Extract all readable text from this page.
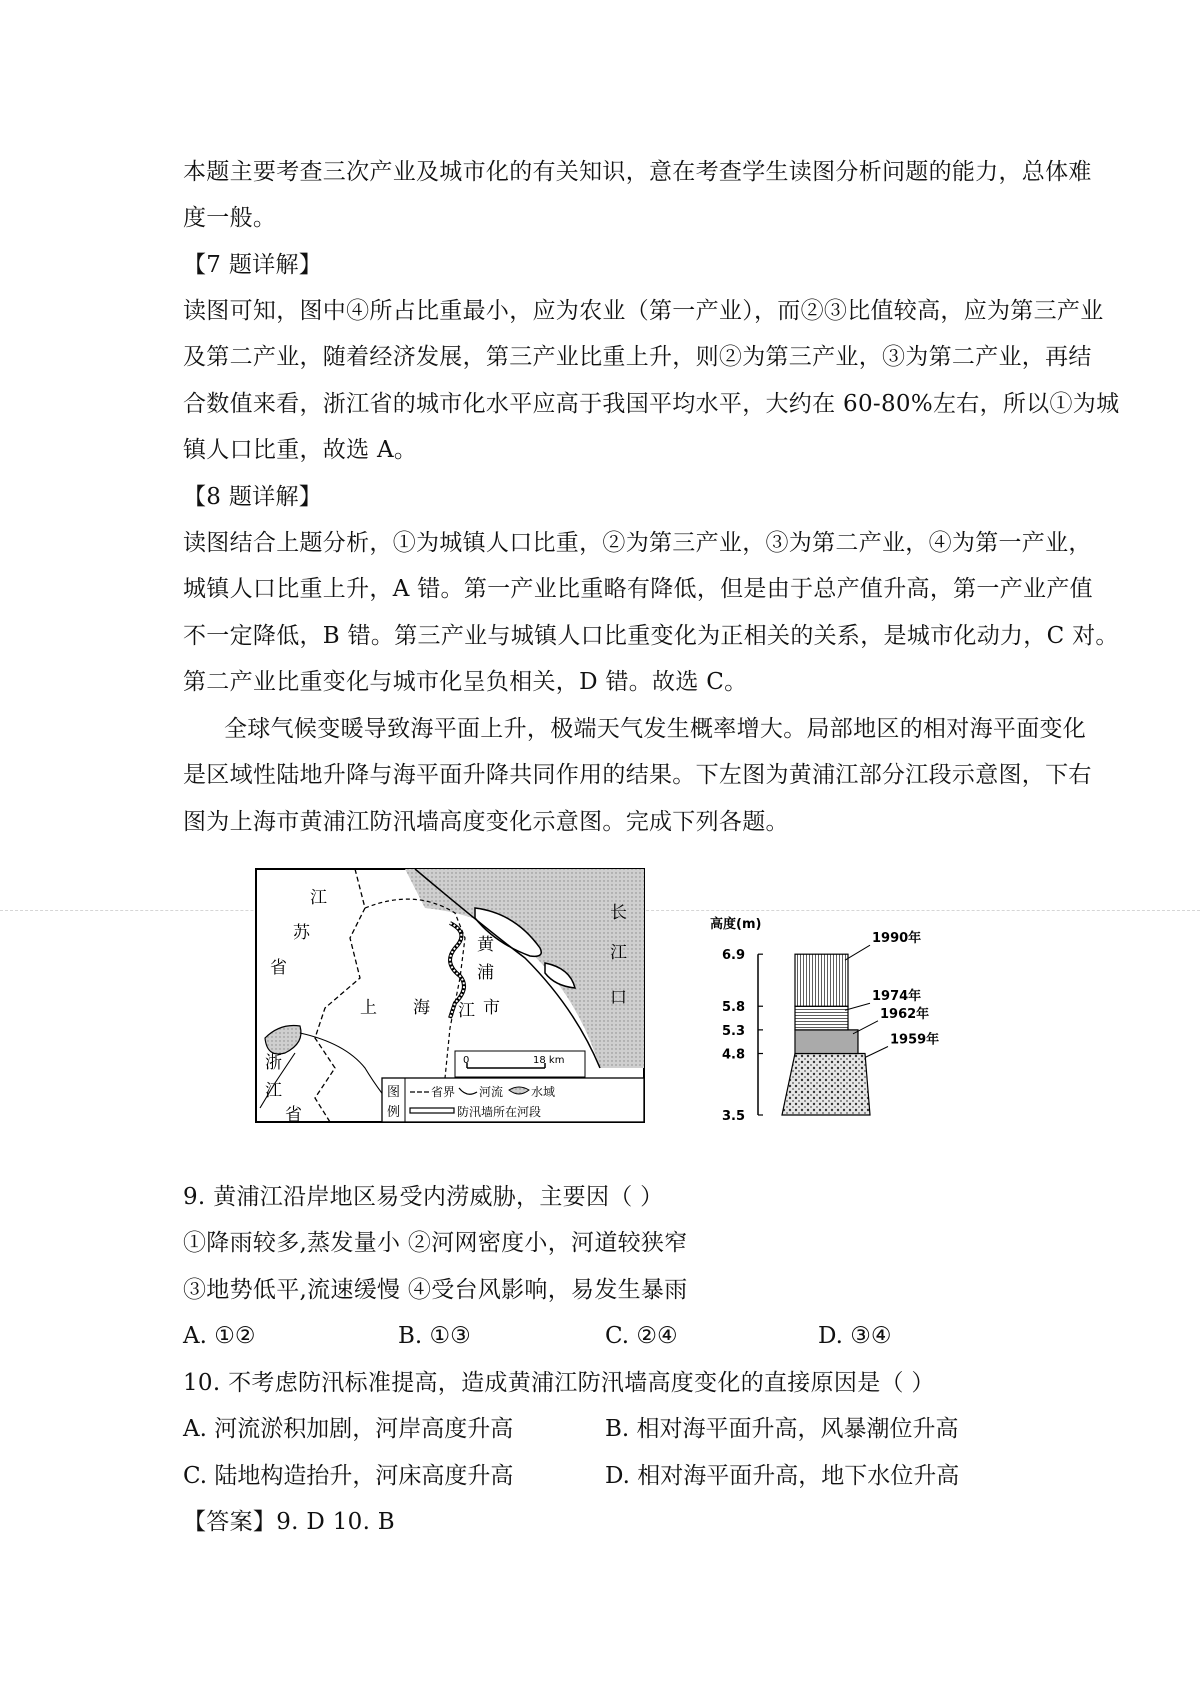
本题主要考查三次产业及城市化的有关知识，意在考查学生读图分析问题的能力，总体难
度一般。
【7 题详解】
读图可知，图中④所占比重最小，应为农业（第一产业），而②③比值较高，应为第三产业
及第二产业，随着经济发展，第三产业比重上升，则②为第三产业，③为第二产业，再结
合数值来看，浙江省的城市化水平应高于我国平均水平，大约在 60-80%左右，所以①为城
镇人口比重，故选 A。
【8 题详解】
读图结合上题分析，①为城镇人口比重，②为第三产业，③为第二产业，④为第一产业，
城镇人口比重上升，A 错。第一产业比重略有降低，但是由于总产值升高，第一产业产值
不一定降低，B 错。第三产业与城镇人口比重变化为正相关的关系，是城市化动力，C 对。
第二产业比重变化与城市化呈负相关，D 错。故选 C。
全球气候变暖导致海平面上升，极端天气发生概率增大。局部地区的相对海平面变化
是区域性陆地升降与海平面升降共同作用的结果。下左图为黄浦江部分江段示意图，下右
图为上海市黄浦江防汛墙高度变化示意图。完成下列各题。
0	18 km
图
例
省界 河流 水域
防汛墙所在河段
江
苏
省
上 海	市
黄
浦
江
长
江
口
浙
江
省
高度(m)
6.9
5.8
5.3
4.8
3.5
1990年
1974年
1962年
1959年
9. 黄浦江沿岸地区易受内涝威胁，主要因（ ）
①降雨较多,蒸发量小 ②河网密度小，河道较狭窄
③地势低平,流速缓慢 ④受台风影响，易发生暴雨
A. ①②	B. ①③	C. ②④	D. ③④
10. 不考虑防汛标准提高，造成黄浦江防汛墙高度变化的直接原因是（ ）
A. 河流淤积加剧，河岸高度升高	B. 相对海平面升高，风暴潮位升高
C. 陆地构造抬升，河床高度升高	D. 相对海平面升高，地下水位升高
【答案】9. D 10. B
